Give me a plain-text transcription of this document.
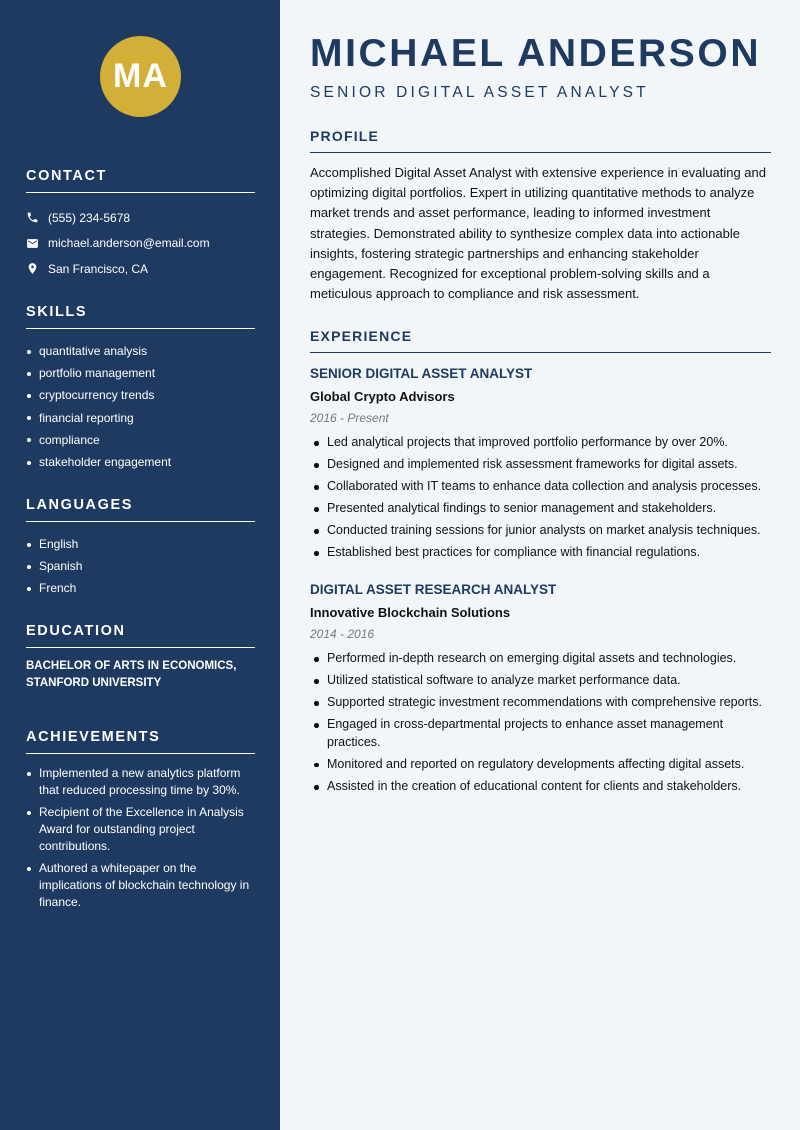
MA
CONTACT
(555) 234-5678
michael.anderson@email.com
San Francisco, CA
SKILLS
quantitative analysis
portfolio management
cryptocurrency trends
financial reporting
compliance
stakeholder engagement
LANGUAGES
English
Spanish
French
EDUCATION
BACHELOR OF ARTS IN ECONOMICS, STANFORD UNIVERSITY
ACHIEVEMENTS
Implemented a new analytics platform that reduced processing time by 30%.
Recipient of the Excellence in Analysis Award for outstanding project contributions.
Authored a whitepaper on the implications of blockchain technology in finance.
MICHAEL ANDERSON
SENIOR DIGITAL ASSET ANALYST
PROFILE
Accomplished Digital Asset Analyst with extensive experience in evaluating and optimizing digital portfolios. Expert in utilizing quantitative methods to analyze market trends and asset performance, leading to informed investment strategies. Demonstrated ability to synthesize complex data into actionable insights, fostering strategic partnerships and enhancing stakeholder engagement. Recognized for exceptional problem-solving skills and a meticulous approach to compliance and risk assessment.
EXPERIENCE
SENIOR DIGITAL ASSET ANALYST
Global Crypto Advisors
2016 - Present
Led analytical projects that improved portfolio performance by over 20%.
Designed and implemented risk assessment frameworks for digital assets.
Collaborated with IT teams to enhance data collection and analysis processes.
Presented analytical findings to senior management and stakeholders.
Conducted training sessions for junior analysts on market analysis techniques.
Established best practices for compliance with financial regulations.
DIGITAL ASSET RESEARCH ANALYST
Innovative Blockchain Solutions
2014 - 2016
Performed in-depth research on emerging digital assets and technologies.
Utilized statistical software to analyze market performance data.
Supported strategic investment recommendations with comprehensive reports.
Engaged in cross-departmental projects to enhance asset management practices.
Monitored and reported on regulatory developments affecting digital assets.
Assisted in the creation of educational content for clients and stakeholders.
